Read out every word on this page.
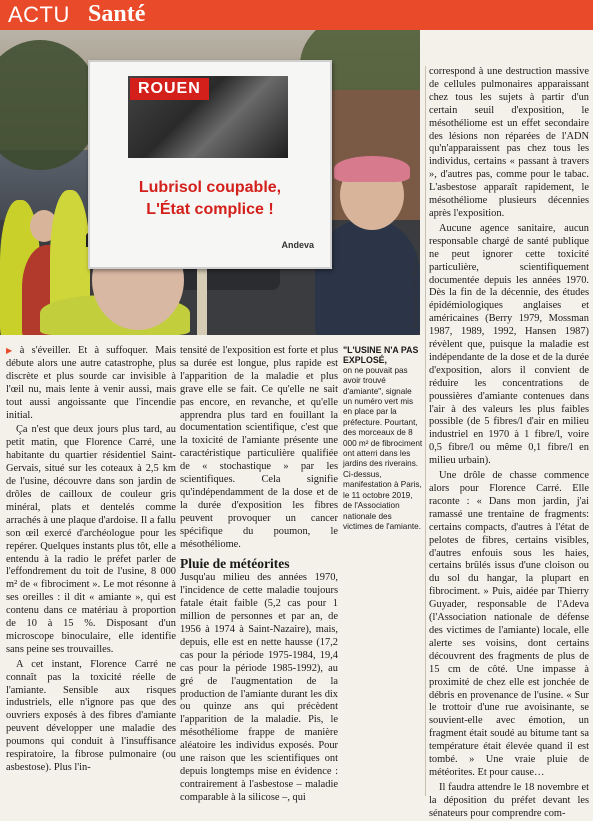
ACTU Santé
ROUEN
Lubrisol coupable,
L'État complice !
Andeva
Bruno Levesque / IP3 / Maxppp

▶ à s'éveiller. Et à suffoquer. Mais débute alors une autre catastrophe, plus discrète et plus sourde car invisible à l'œil nu, mais lente à venir aussi, mais tout aussi angoissante que l'incendie initial.

Ça n'est que deux jours plus tard, au petit matin, que Florence Carré, une habitante du quartier résidentiel Saint-Gervais, situé sur les coteaux à 2,5 km de l'usine, découvre dans son jardin de drôles de cailloux de couleur gris minéral, plats et dentelés comme arrachés à une plaque d'ardoise. Il a fallu son œil exercé d'archéologue pour les repérer. Quelques instants plus tôt, elle a entendu à la radio le préfet parler de l'effondrement du toit de l'usine, 8 000 m² de « fibrociment ». Le mot résonne à ses oreilles : il dit « amiante », qui est contenu dans ce matériau à proportion de 10 à 15 %. Disposant d'un microscope binoculaire, elle identifie sans peine ses trouvailles.

A cet instant, Florence Carré ne connaît pas la toxicité réelle de l'amiante. Sensible aux risques industriels, elle n'ignore pas que des ouvriers exposés à des fibres d'amiante peuvent développer une maladie des poumons qui conduit à l'insuffisance respiratoire, la fibrose pulmonaire (ou asbestose). Plus l'in-

tensité de l'exposition est forte et plus sa durée est longue, plus rapide est l'apparition de la maladie et plus grave elle se fait. Ce qu'elle ne sait pas encore, en revanche, et qu'elle apprendra plus tard en fouillant la documentation scientifique, c'est que la toxicité de l'amiante présente une caractéristique particulière qualifiée de « stochastique » par les scientifiques. Cela signifie qu'indépendamment de la dose et de la durée d'exposition les fibres peuvent provoquer un cancer spécifique du poumon, le mésothéliome.

Pluie de météorites

Jusqu'au milieu des années 1970, l'incidence de cette maladie toujours fatale était faible (5,2 cas pour 1 million de personnes et par an, de 1956 à 1974 à Saint-Nazaire), mais, depuis, elle est en nette hausse (17,2 cas pour la période 1975-1984, 19,4 cas pour la période 1985-1992), au gré de l'augmentation de la production de l'amiante durant les dix ou quinze ans qui précèdent l'apparition de la maladie. Pis, le mésothéliome frappe de manière aléatoire les individus exposés. Pour une raison que les scientifiques ont depuis longtemps mise en évidence : contrairement à l'asbestose – maladie comparable à la silicose –, qui

"L'USINE N'A PAS EXPLOSÉ,
on ne pouvait pas avoir trouvé d'amiante", signale un numéro vert mis en place par la préfecture. Pourtant, des morceaux de 8 000 m² de fibrociment ont atterri dans les jardins des riverains. Ci-dessus, manifestation à Paris, le 11 octobre 2019, de l'Association nationale des victimes de l'amiante.

correspond à une destruction massive de cellules pulmonaires apparaissant chez tous les sujets à partir d'un certain seuil d'exposition, le mésothéliome est un effet secondaire des lésions non réparées de l'ADN qu'n'apparaissent pas chez tous les individus, certains « passant à travers », d'autres pas, comme pour le tabac. L'asbestose apparaît rapidement, le mésothéliome plusieurs décennies après l'exposition.

Aucune agence sanitaire, aucun responsable chargé de santé publique ne peut ignorer cette toxicité particulière, scientifiquement documentée depuis les années 1970. Dès la fin de la décennie, des études épidémiologiques anglaises et américaines (Berry 1979, Mossman 1987, 1989, 1992, Hansen 1987) révèlent que, puisque la maladie est indépendante de la dose et de la durée d'exposition, alors il convient de réduire les concentrations de poussières d'amiante contenues dans l'air à des valeurs les plus faibles possible (de 5 fibres/l d'air en milieu industriel en 1970 à 1 fibre/l, voire 0,5 fibre/l ou même 0,1 fibre/l en milieu urbain).

Une drôle de chasse commence alors pour Florence Carré. Elle raconte : « Dans mon jardin, j'ai ramassé une trentaine de fragments: certains compacts, d'autres à l'état de pelotes de fibres, certains visibles, d'autres enfouis sous les haies, certains brûlés issus d'une cloison ou du sol du hangar, la plupart en fibrociment. » Puis, aidée par Thierry Guyader, responsable de l'Adeva (l'Association nationale de défense des victimes de l'amiante) locale, elle alerte ses voisins, dont certains découvrent des fragments de plus de 15 cm de côté. Une impasse à proximité de chez elle est jonchée de débris en provenance de l'usine. « Sur le trottoir d'une rue avoisinante, se souvient-elle avec émotion, un fragment était soudé au bitume tant sa température était élevée quand il est tombé. » Une vraie pluie de météorites. Et pour cause…

Il faudra attendre le 18 novembre et la déposition du préfet devant les sénateurs pour comprendre com-
